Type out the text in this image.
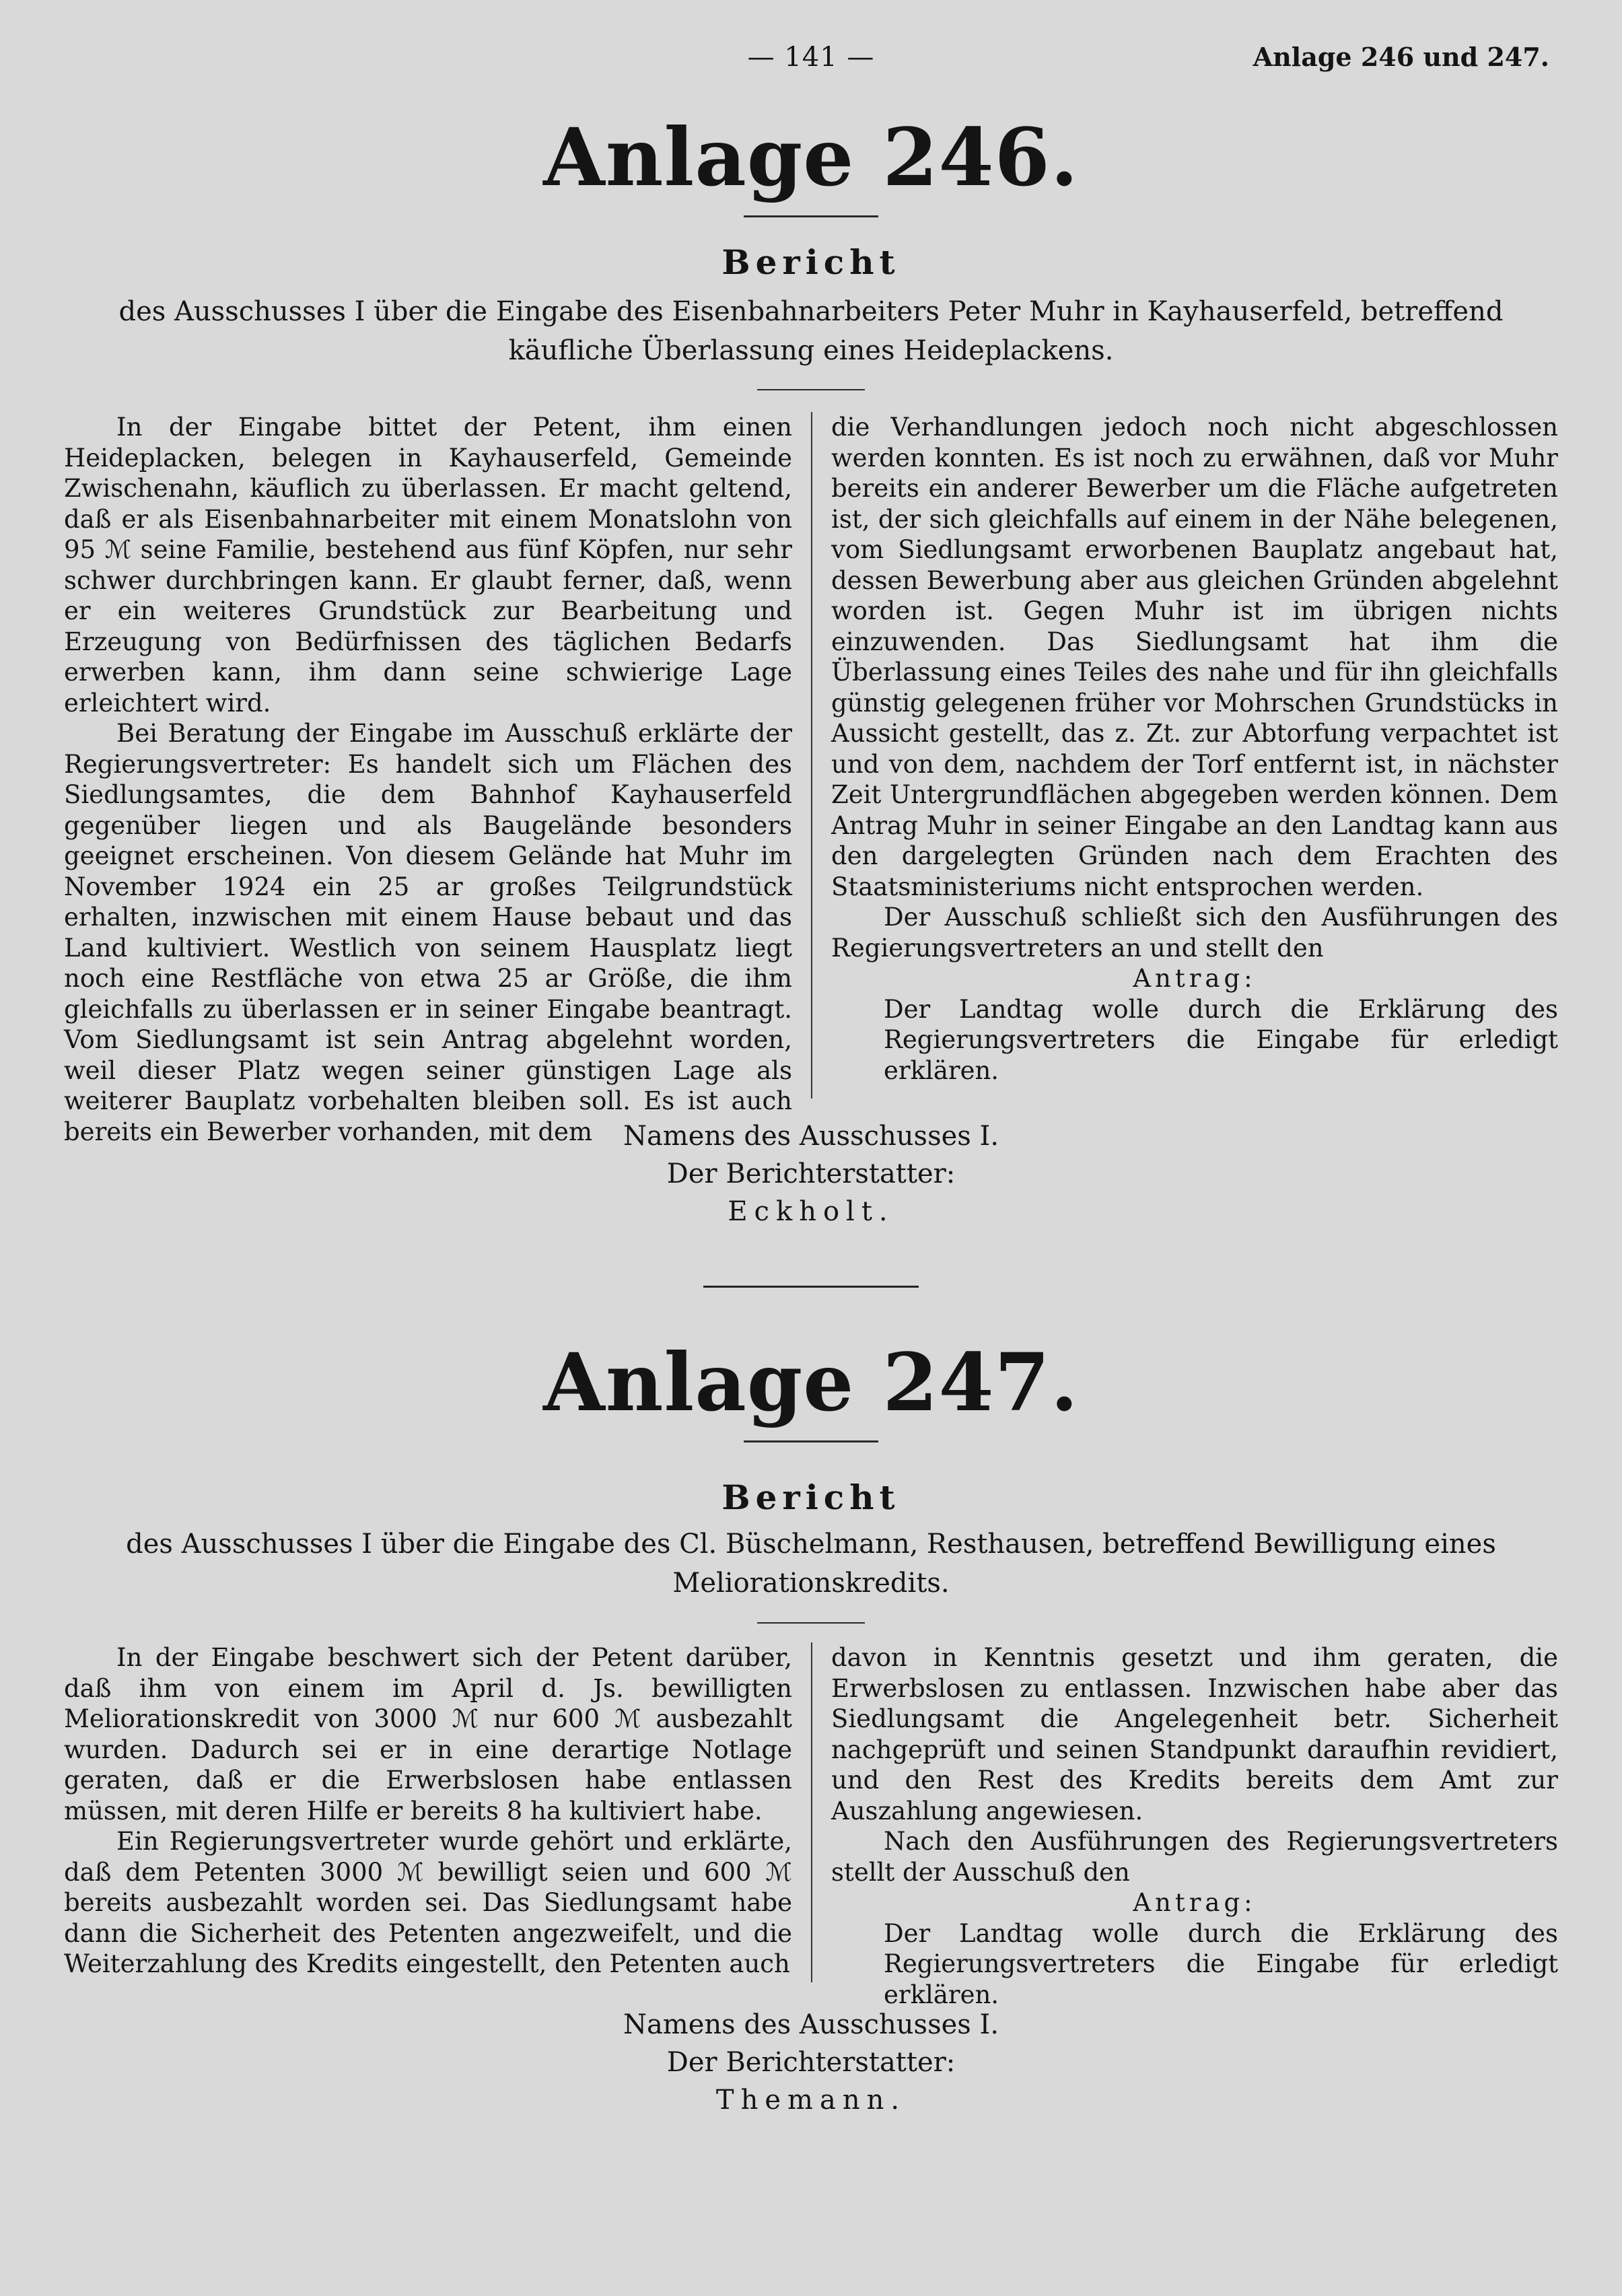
— 141 —	Anlage 246 und 247.
Anlage 246.
Bericht
des Ausschusses I über die Eingabe des Eisenbahnarbeiters Peter Muhr in Kayhauserfeld, betreffend käufliche Überlassung eines Heideplackens.

In der Eingabe bittet der Petent, ihm einen Heideplacken, belegen in Kayhauserfeld, Gemeinde Zwischenahn, käuflich zu überlassen. Er macht geltend, daß er als Eisenbahnarbeiter mit einem Monatslohn von 95 ℳ seine Familie, bestehend aus fünf Köpfen, nur sehr schwer durchbringen kann. Er glaubt ferner, daß, wenn er ein weiteres Grundstück zur Bearbeitung und Erzeugung von Bedürfnissen des täglichen Bedarfs erwerben kann, ihm dann seine schwierige Lage erleichtert wird.

Bei Beratung der Eingabe im Ausschuß erklärte der Regierungsvertreter: Es handelt sich um Flächen des Siedlungsamtes, die dem Bahnhof Kayhauserfeld gegenüber liegen und als Baugelände besonders geeignet erscheinen. Von diesem Gelände hat Muhr im November 1924 ein 25 ar großes Teilgrundstück erhalten, inzwischen mit einem Hause bebaut und das Land kultiviert. Westlich von seinem Hausplatz liegt noch eine Restfläche von etwa 25 ar Größe, die ihm gleichfalls zu überlassen er in seiner Eingabe beantragt. Vom Siedlungsamt ist sein Antrag abgelehnt worden, weil dieser Platz wegen seiner günstigen Lage als weiterer Bauplatz vorbehalten bleiben soll. Es ist auch bereits ein Bewerber vorhanden, mit dem

die Verhandlungen jedoch noch nicht abgeschlossen werden konnten. Es ist noch zu erwähnen, daß vor Muhr bereits ein anderer Bewerber um die Fläche aufgetreten ist, der sich gleichfalls auf einem in der Nähe belegenen, vom Siedlungsamt erworbenen Bauplatz angebaut hat, dessen Bewerbung aber aus gleichen Gründen abgelehnt worden ist. Gegen Muhr ist im übrigen nichts einzuwenden. Das Siedlungsamt hat ihm die Überlassung eines Teiles des nahe und für ihn gleichfalls günstig gelegenen früher vor Mohrschen Grundstücks in Aussicht gestellt, das z. Zt. zur Abtorfung verpachtet ist und von dem, nachdem der Torf entfernt ist, in nächster Zeit Untergrundflächen abgegeben werden können. Dem Antrag Muhr in seiner Eingabe an den Landtag kann aus den dargelegten Gründen nach dem Erachten des Staatsministeriums nicht entsprochen werden.

Der Ausschuß schließt sich den Ausführungen des Regierungsvertreters an und stellt den

Antrag:

Der Landtag wolle durch die Erklärung des Regierungsvertreters die Eingabe für erledigt erklären.

Namens des Ausschusses I.
Der Berichterstatter:
Eckholt.
Anlage 247.
Bericht
des Ausschusses I über die Eingabe des Cl. Büschelmann, Resthausen, betreffend Bewilligung eines Meliorationskredits.

In der Eingabe beschwert sich der Petent darüber, daß ihm von einem im April d. Js. bewilligten Meliorationskredit von 3000 ℳ nur 600 ℳ ausbezahlt wurden. Dadurch sei er in eine derartige Notlage geraten, daß er die Erwerbslosen habe entlassen müssen, mit deren Hilfe er bereits 8 ha kultiviert habe.

Ein Regierungsvertreter wurde gehört und erklärte, daß dem Petenten 3000 ℳ bewilligt seien und 600 ℳ bereits ausbezahlt worden sei. Das Siedlungsamt habe dann die Sicherheit des Petenten angezweifelt, und die Weiterzahlung des Kredits eingestellt, den Petenten auch

davon in Kenntnis gesetzt und ihm geraten, die Erwerbslosen zu entlassen. Inzwischen habe aber das Siedlungsamt die Angelegenheit betr. Sicherheit nachgeprüft und seinen Standpunkt daraufhin revidiert, und den Rest des Kredits bereits dem Amt zur Auszahlung angewiesen.

Nach den Ausführungen des Regierungsvertreters stellt der Ausschuß den

Antrag:

Der Landtag wolle durch die Erklärung des Regierungsvertreters die Eingabe für erledigt erklären.

Namens des Ausschusses I.
Der Berichterstatter:
Themann.
